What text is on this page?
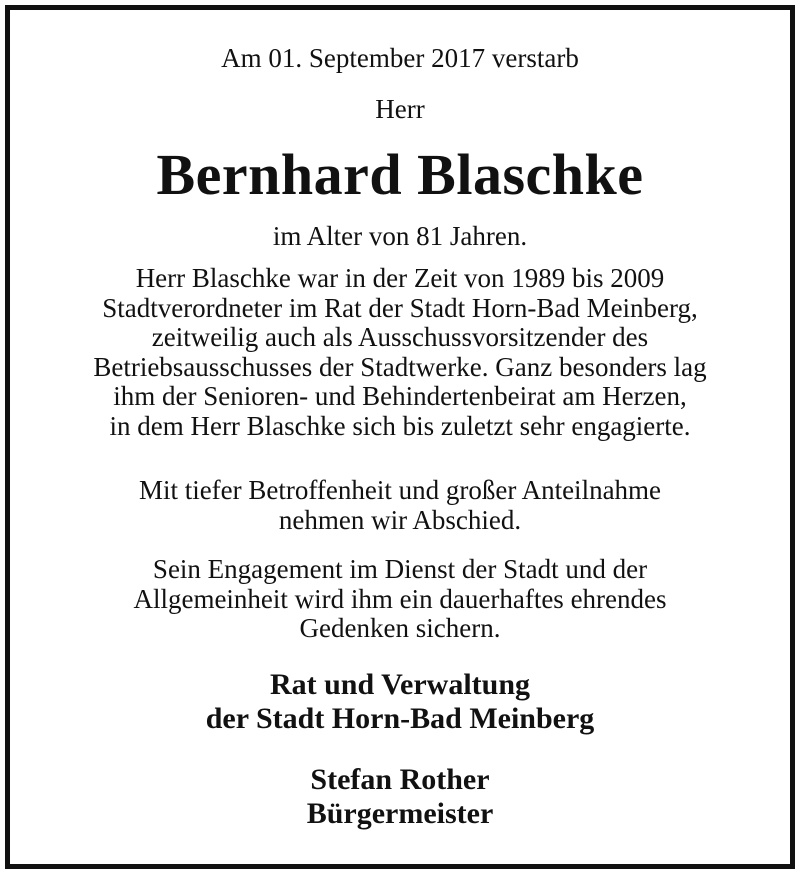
Am 01. September 2017 verstarb
Herr
Bernhard Blaschke
im Alter von 81 Jahren.

Herr Blaschke war in der Zeit von 1989 bis 2009
Stadtverordneter im Rat der Stadt Horn-Bad Meinberg,
zeitweilig auch als Ausschussvorsitzender des
Betriebsausschusses der Stadtwerke. Ganz besonders lag
ihm der Senioren- und Behindertenbeirat am Herzen,
in dem Herr Blaschke sich bis zuletzt sehr engagierte.

Mit tiefer Betroffenheit und großer Anteilnahme
nehmen wir Abschied.

Sein Engagement im Dienst der Stadt und der
Allgemeinheit wird ihm ein dauerhaftes ehrendes
Gedenken sichern.

Rat und Verwaltung
der Stadt Horn-Bad Meinberg
Stefan Rother
Bürgermeister
